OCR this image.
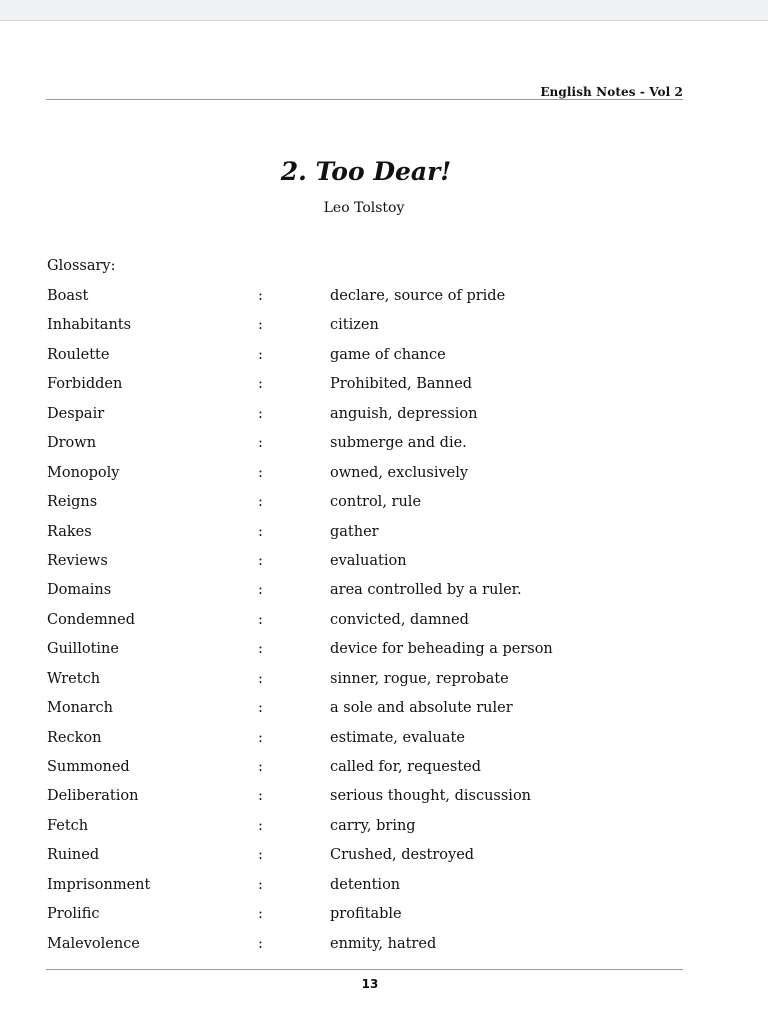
English Notes - Vol 2
2. Too Dear!
Leo Tolstoy
Glossary:
Boast	:	declare, source of pride
Inhabitants	:	citizen
Roulette	:	game of chance
Forbidden	:	Prohibited, Banned
Despair	:	anguish, depression
Drown	:	submerge and die.
Monopoly	:	owned, exclusively
Reigns	:	control, rule
Rakes	:	gather
Reviews	:	evaluation
Domains	:	area controlled by a ruler.
Condemned	:	convicted, damned
Guillotine	:	device for beheading a person
Wretch	:	sinner, rogue, reprobate
Monarch	:	a sole and absolute ruler
Reckon	:	estimate, evaluate
Summoned	:	called for, requested
Deliberation	:	serious thought, discussion
Fetch	:	carry, bring
Ruined	:	Crushed, destroyed
Imprisonment	:	detention
Prolific	:	profitable
Malevolence	:	enmity, hatred
13
